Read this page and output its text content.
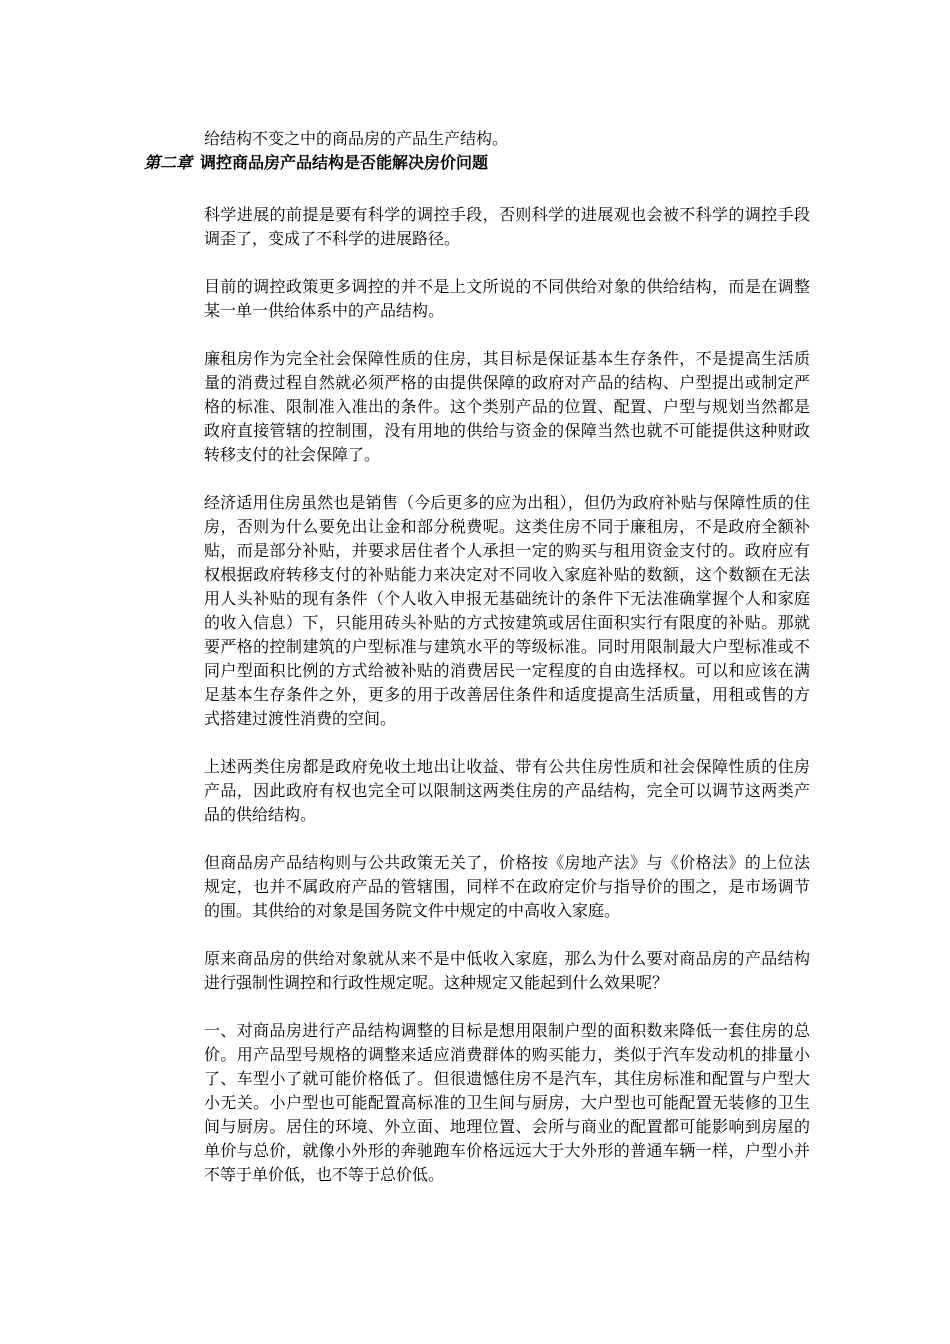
给结构不变之中的商品房的产品生产结构。

第二章 调控商品房产品结构是否能解决房价问题

科学进展的前提是要有科学的调控手段，否则科学的进展观也会被不科学的调控手段调歪了，变成了不科学的进展路径。

目前的调控政策更多调控的并不是上文所说的不同供给对象的供给结构，而是在调整某一单一供给体系中的产品结构。

廉租房作为完全社会保障性质的住房，其目标是保证基本生存条件，不是提高生活质量的消费过程自然就必须严格的由提供保障的政府对产品的结构、户型提出或制定严格的标准、限制准入准出的条件。这个类别产品的位置、配置、户型与规划当然都是政府直接管辖的控制围，没有用地的供给与资金的保障当然也就不可能提供这种财政转移支付的社会保障了。

经济适用住房虽然也是销售（今后更多的应为出租），但仍为政府补贴与保障性质的住房，否则为什么要免出让金和部分税费呢。这类住房不同于廉租房，不是政府全额补贴，而是部分补贴，并要求居住者个人承担一定的购买与租用资金支付的。政府应有权根据政府转移支付的补贴能力来决定对不同收入家庭补贴的数额，这个数额在无法用人头补贴的现有条件（个人收入申报无基础统计的条件下无法准确掌握个人和家庭的收入信息）下，只能用砖头补贴的方式按建筑或居住面积实行有限度的补贴。那就要严格的控制建筑的户型标准与建筑水平的等级标准。同时用限制最大户型标准或不同户型面积比例的方式给被补贴的消费居民一定程度的自由选择权。可以和应该在满足基本生存条件之外，更多的用于改善居住条件和适度提高生活质量，用租或售的方式搭建过渡性消费的空间。

上述两类住房都是政府免收土地出让收益、带有公共住房性质和社会保障性质的住房产品，因此政府有权也完全可以限制这两类住房的产品结构，完全可以调节这两类产品的供给结构。

但商品房产品结构则与公共政策无关了，价格按《房地产法》与《价格法》的上位法规定，也并不属政府产品的管辖围，同样不在政府定价与指导价的围之，是市场调节的围。其供给的对象是国务院文件中规定的中高收入家庭。

原来商品房的供给对象就从来不是中低收入家庭，那么为什么要对商品房的产品结构进行强制性调控和行政性规定呢。这种规定又能起到什么效果呢？

一、对商品房进行产品结构调整的目标是想用限制户型的面积数来降低一套住房的总价。用产品型号规格的调整来适应消费群体的购买能力，类似于汽车发动机的排量小了、车型小了就可能价格低了。但很遗憾住房不是汽车，其住房标准和配置与户型大小无关。小户型也可能配置高标准的卫生间与厨房，大户型也可能配置无装修的卫生间与厨房。居住的环境、外立面、地理位置、会所与商业的配置都可能影响到房屋的单价与总价，就像小外形的奔驰跑车价格远远大于大外形的普通车辆一样，户型小并不等于单价低，也不等于总价低。
